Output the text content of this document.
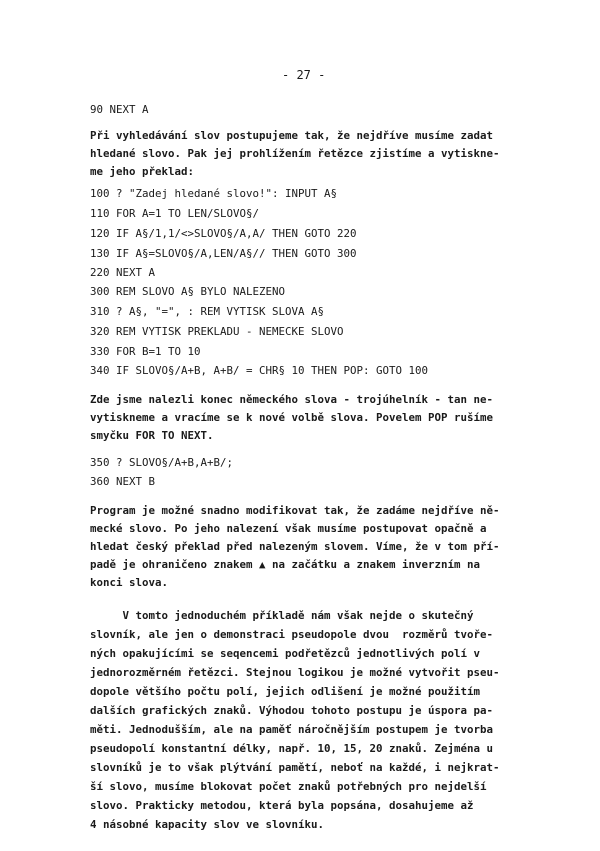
- 27 -
90 NEXT A
Při vyhledávání slov postupujeme tak, že nejdříve musíme zadat
hledané slovo. Pak jej prohlížením řetězce zjistíme a vytiskne-
me jeho překlad:
100 ? "Zadej hledané slovo!": INPUT A§
110 FOR A=1 TO LEN/SLOVO§/
120 IF A§/1,1/<>SLOVO§/A,A/ THEN GOTO 220
130 IF A§=SLOVO§/A,LEN/A§// THEN GOTO 300
220 NEXT A
300 REM SLOVO A§ BYLO NALEZENO
310 ? A§, "=", : REM VYTISK SLOVA A§
320 REM VYTISK PREKLADU - NEMECKE SLOVO
330 FOR B=1 TO 10
340 IF SLOVO§/A+B, A+B/ = CHR§ 10 THEN POP: GOTO 100
Zde jsme nalezli konec německého slova - trojúhelník - tan ne-
vytiskneme a vracíme se k nové volbě slova. Povelem POP rušíme
smyčku FOR TO NEXT.
350 ? SLOVO§/A+B,A+B/;
360 NEXT B
Program je možné snadno modifikovat tak, že zadáme nejdříve ně-
mecké slovo. Po jeho nalezení však musíme postupovat opačně a
hledat český překlad před nalezeným slovem. Víme, že v tom pří-
padě je ohraničeno znakem ▲ na začátku a znakem inverzním na
konci slova.
V tomto jednoduchém příkladě nám však nejde o skutečný
slovník, ale jen o demonstraci pseudopole dvou  rozměrů tvoře-
ných opakujícími se seqencemi podřetězců jednotlivých polí v
jednorozměrném řetězci. Stejnou logikou je možné vytvořit pseu-
dopole většího počtu polí, jejich odlišení je možné použitím
dalších grafických znaků. Výhodou tohoto postupu je úspora pa-
měti. Jednodušším, ale na paměť náročnějším postupem je tvorba
pseudopolí konstantní délky, např. 10, 15, 20 znaků. Zejména u
slovníků je to však plýtvání pamětí, neboť na každé, i nejkrat-
ší slovo, musíme blokovat počet znaků potřebných pro nejdelší
slovo. Prakticky metodou, která byla popsána, dosahujeme až
4 násobné kapacity slov ve slovníku.
